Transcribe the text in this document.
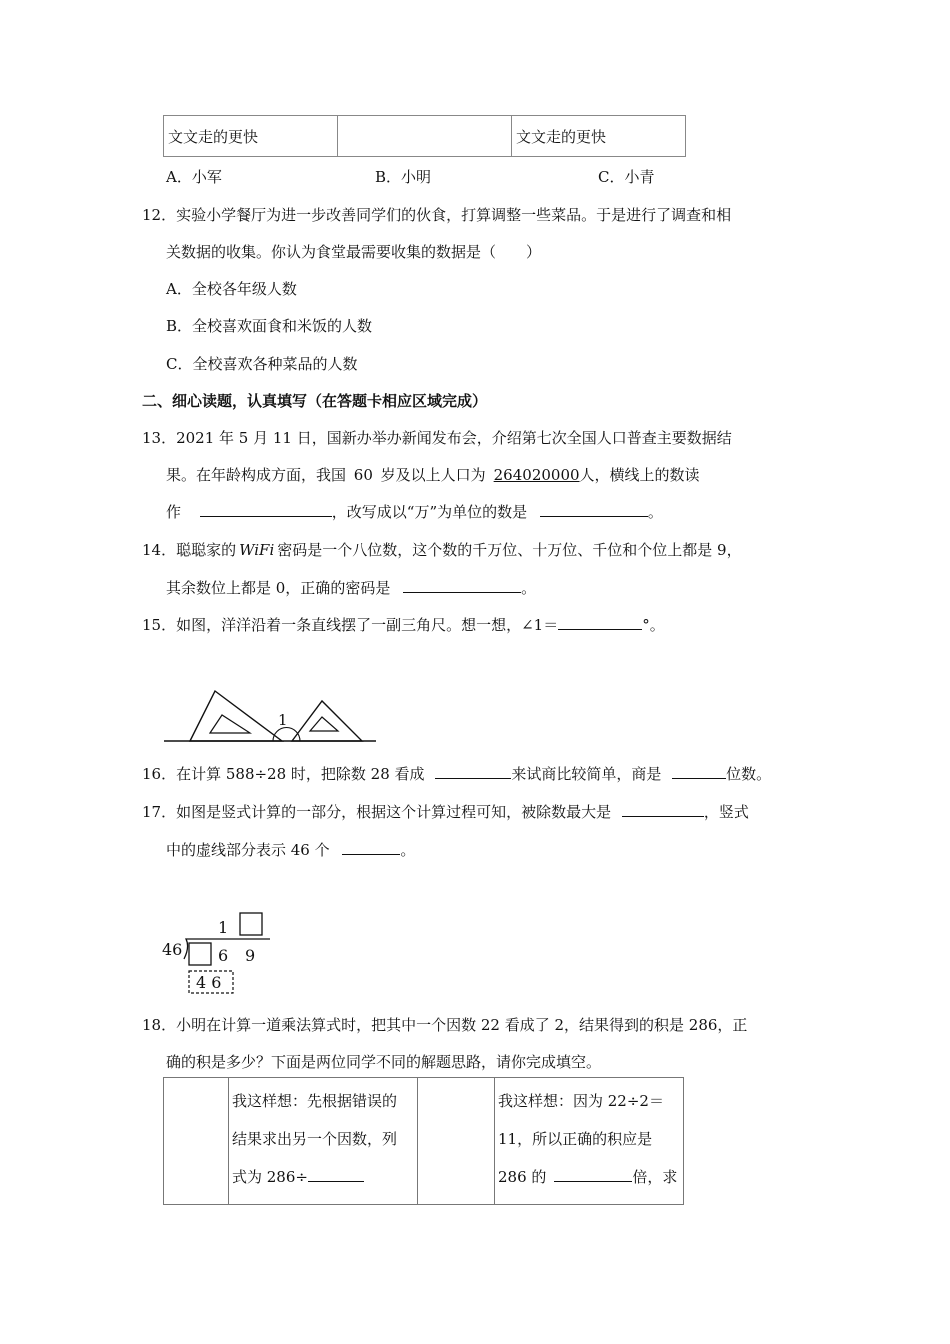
文文走的更快		文文走的更快
A．小军	B．小明	C．小青
12．实验小学餐厅为进一步改善同学们的伙食，打算调整一些菜品。于是进行了调查和相
关数据的收集。你认为食堂最需要收集的数据是（　　）
A．全校各年级人数
B．全校喜欢面食和米饭的人数
C．全校喜欢各种菜品的人数
二、细心读题，认真填写（在答题卡相应区域完成）
13．2021 年 5 月 11 日，国新办举办新闻发布会，介绍第七次全国人口普查主要数据结
果。在年龄构成方面，我国 60 岁及以上人口为 264020000人，横线上的数读
作	，改写成以“万”为单位的数是	。
14．聪聪家的 WiFi 密码是一个八位数，这个数的千万位、十万位、千位和个位上都是 9，
其余数位上都是 0，正确的密码是	。
15．如图，洋洋沿着一条直线摆了一副三角尺。想一想，∠1＝	°。
1
16．在计算 588÷28 时，把除数 28 看成	来试商比较简单，商是	位数。
17．如图是竖式计算的一部分，根据这个计算过程可知，被除数最大是	，竖式
中的虚线部分表示 46 个	。
1
46 6 9
4 6
18．小明在计算一道乘法算式时，把其中一个因数 22 看成了 2，结果得到的积是 286，正
确的积是多少？下面是两位同学不同的解题思路，请你完成填空。

我这样想：先根据错误的
结果求出另一个因数，列
式为 286÷

我这样想：因为 22÷2＝
11，所以正确的积应是
286 的	倍，求
